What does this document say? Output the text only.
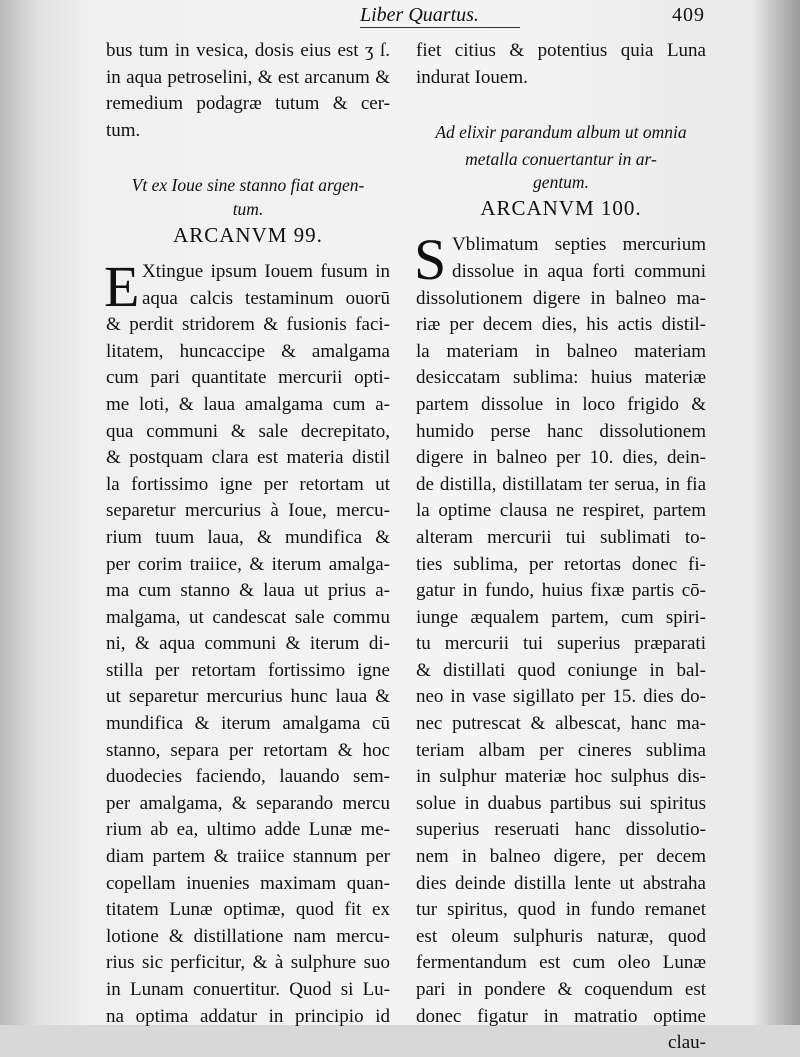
Liber Quartus.	409
bus tum in vesica, dosis eius est ʒ ſ.
in aqua petroselini, & est arcanum &
remedium podagræ tutum & cer-
tum.
Vt ex Ioue sine stanno fiat argen-
tum.
ARCANVM 99.
E Xtingue ipsum Iouem fusum in
aqua calcis testaminum ouorū
& perdit stridorem & fusionis faci-
litatem, huncaccipe & amalgama
cum pari quantitate mercurii opti-
me loti, & laua amalgama cum a-
qua communi & sale decrepitato,
& postquam clara est materia distil
la fortissimo igne per retortam ut
separetur mercurius à Ioue, mercu-
rium tuum laua, & mundifica &
per corim traiice, & iterum amalga-
ma cum stanno & laua ut prius a-
malgama, ut candescat sale commu
ni, & aqua communi & iterum di-
stilla per retortam fortissimo igne
ut separetur mercurius hunc laua &
mundifica & iterum amalgama cū
stanno, separa per retortam & hoc
duodecies faciendo, lauando sem-
per amalgama, & separando mercu
rium ab ea, ultimo adde Lunæ me-
diam partem & traiice stannum per
copellam inuenies maximam quan-
titatem Lunæ optimæ, quod fit ex
lotione & distillatione nam mercu-
rius sic perficitur, & à sulphure suo
in Lunam conuertitur. Quod si Lu-
na optima addatur in principio id
fiet citius & potentius quia Luna
indurat Iouem.
Ad elixir parandum album ut omnia
metalla conuertantur in ar-
gentum.
ARCANVM 100.
S Vblimatum septies mercurium
dissolue in aqua forti communi
dissolutionem digere in balneo ma-
riæ per decem dies, his actis distil-
la materiam in balneo materiam
desiccatam sublima: huius materiæ
partem dissolue in loco frigido &
humido perse hanc dissolutionem
digere in balneo per 10. dies, dein-
de distilla, distillatam ter serua, in fia
la optime clausa ne respiret, partem
alteram mercurii tui sublimati to-
ties sublima, per retortas donec fi-
gatur in fundo, huius fixæ partis cō-
iunge æqualem partem, cum spiri-
tu mercurii tui superius præparati
& distillati quod coniunge in bal-
neo in vase sigillato per 15. dies do-
nec putrescat & albescat, hanc ma-
teriam albam per cineres sublima
in sulphur materiæ hoc sulphus dis-
solue in duabus partibus sui spiritus
superius reseruati hanc dissolutio-
nem in balneo digere, per decem
dies deinde distilla lente ut abstraha
tur spiritus, quod in fundo remanet
est oleum sulphuris naturæ, quod
fermentandum est cum oleo Lunæ
pari in pondere & coquendum est
donec figatur in matratio optime
clau-
